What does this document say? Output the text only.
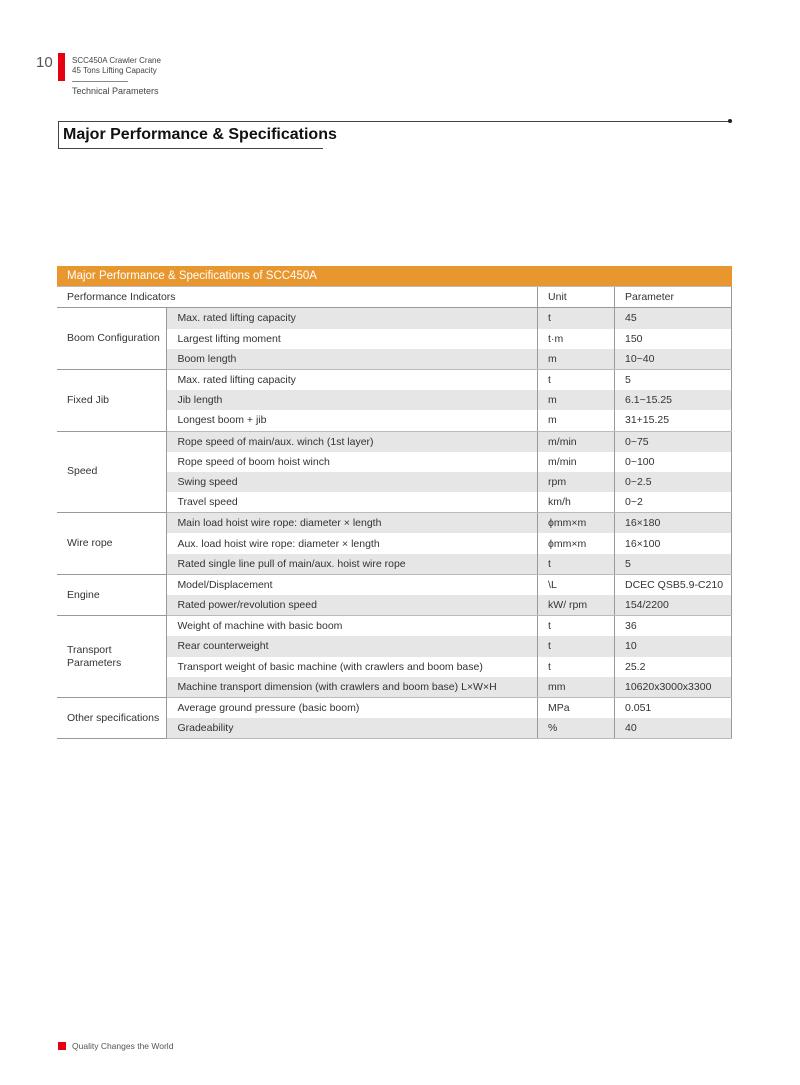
10 SCC450A Crawler Crane
45 Tons Lifting Capacity
Technical Parameters
Major Performance & Specifications
Major Performance & Specifications of SCC450A			
Performance Indicators		Unit	Parameter
Boom Configuration	Max. rated lifting capacity	t	45
	Largest lifting moment	t·m	150
	Boom length	m	10~40
Fixed Jib	Max. rated lifting capacity	t	5
	Jib length	m	6.1~15.25
	Longest boom + jib	m	31+15.25
Speed	Rope speed of main/aux. winch (1st layer)	m/min	0~75
	Rope speed of boom hoist winch	m/min	0~100
	Swing speed	rpm	0~2.5
	Travel speed	km/h	0~2
Wire rope	Main load hoist wire rope: diameter × length	ϕmm×m	16×180
	Aux. load hoist wire rope: diameter × length	ϕmm×m	16×100
	Rated single line pull of main/aux. hoist wire rope	t	5
Engine	Model/Displacement	\L	DCEC QSB5.9-C210
	Rated power/revolution speed	kW/ rpm	154/2200
Transport Parameters	Weight of machine with basic boom	t	36
	Rear counterweight	t	10
	Transport weight of basic machine (with crawlers and boom base)	t	25.2
	Machine transport dimension (with crawlers and boom base) L×W×H	mm	10620x3000x3300
Other specifications	Average ground pressure (basic boom)	MPa	0.051
	Gradeability	%	40
Quality Changes the World
